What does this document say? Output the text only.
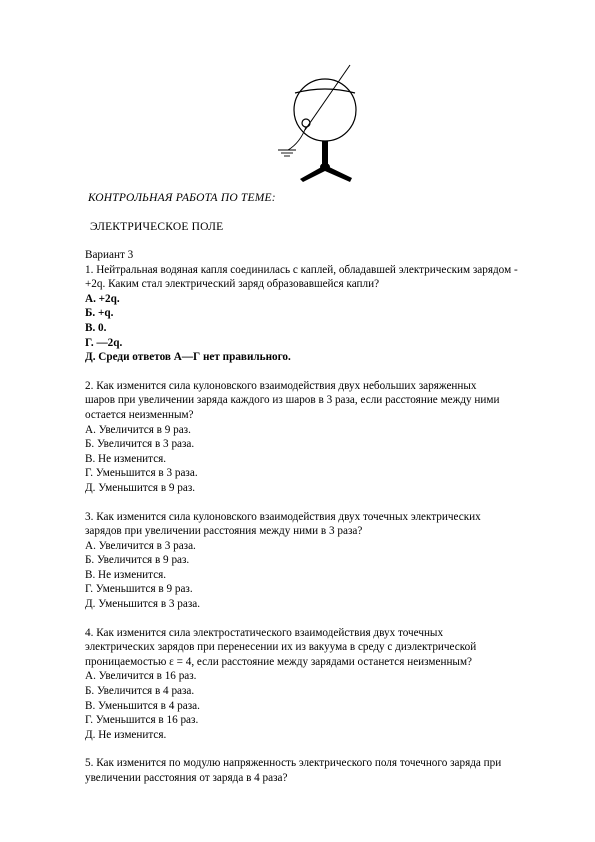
КОНТРОЛЬНАЯ РАБОТА ПО ТЕМЕ:
ЭЛЕКТРИЧЕСКОЕ ПОЛЕ
Вариант 3
1. Нейтральная водяная капля соединилась с каплей, обладавшей электрическим зарядом -
+2q. Каким стал электрический заряд образовавшейся капли?
А. +2q.
Б. +q.
В. 0.
Г. —2q.
Д. Среди ответов А—Г нет правильного.
2. Как изменится сила кулоновского взаимодействия двух небольших заряженных
шаров при увеличении заряда каждого из шаров в 3 раза, если расстояние между ними
остается неизменным?
А. Увеличится в 9 раз.
Б. Увеличится в 3 раза.
В. Не изменится.
Г. Уменьшится в 3 раза.
Д. Уменьшится в 9 раз.
3. Как изменится сила кулоновского взаимодействия двух точечных электрических
зарядов при увеличении расстояния между ними в 3 раза?
А. Увеличится в 3 раза.
Б. Увеличится в 9 раз.
В. Не изменится.
Г. Уменьшится в 9 раз.
Д. Уменьшится в 3 раза.
4. Как изменится сила электростатического взаимодействия двух точечных
электрических зарядов при перенесении их из вакуума в среду с диэлектрической
проницаемостью ε = 4, если расстояние между зарядами останется неизменным?
А. Увеличится в 16 раз.
Б. Увеличится в 4 раза.
В. Уменьшится в 4 раза.
Г. Уменьшится в 16 раз.
Д. Не изменится.
5. Как изменится по модулю напряженность электрического поля точечного заряда при
увеличении расстояния от заряда в 4 раза?
